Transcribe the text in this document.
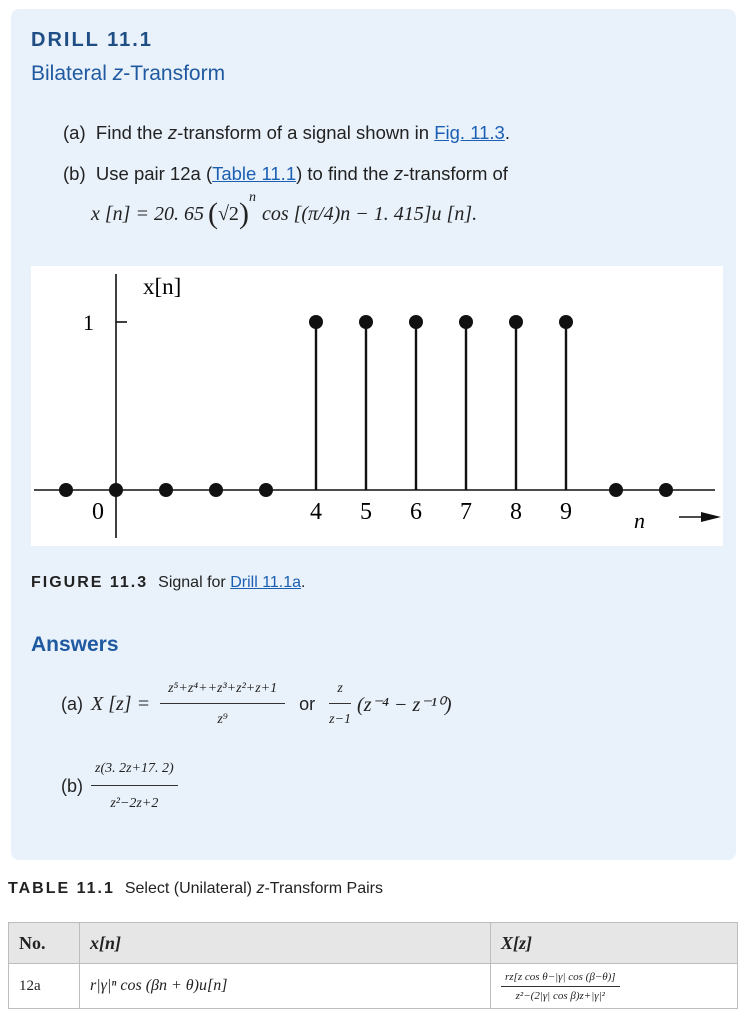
DRILL 11.1
Bilateral z-Transform
(a) Find the z-transform of a signal shown in Fig. 11.3.
(b) Use pair 12a (Table 11.1) to find the z-transform of
x [n] = 20. 65 ( √2 ) n
cos [(π/4)n − 1. 415]u [n].
x[n]
1
n
0	4 5 6 7 8 9
FIGURE 11.3 Signal for Drill 11.1a.
Answers
(a) X $[z] = \frac{\text{z⁵+z⁴++z³+z²+z+1}}{\text{z⁹}}$ or $\frac{z}{z-1} (z^{-4} - z^{-10})$
$(b) \frac{z(3. 2z+17. 2)}{\text{z²−2z+2}}$
TABLE 11.1 Select (Unilateral) z-Transform Pairs
No.	x[n]	X[z]
12a	r|γ|ⁿ cos (βn + θ)u[n]	$\frac{\text{rz[z cos θ−|γ| cos (β−θ)]}}{\text{z²−(2|γ| cos β)z+|γ|²}}$
